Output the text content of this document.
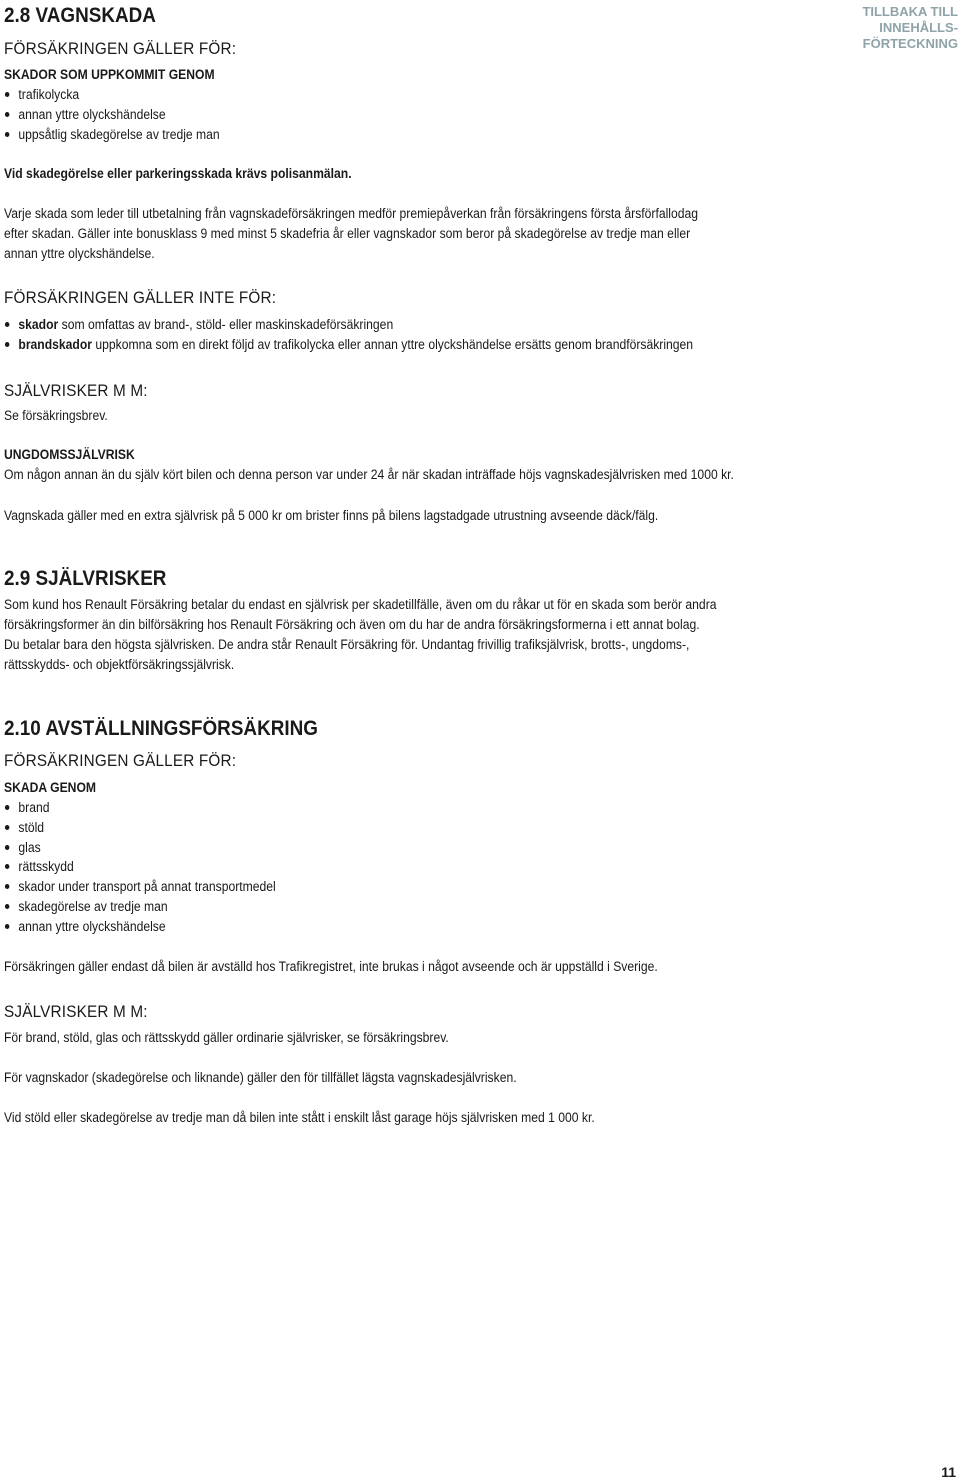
TILLBAKA TILL
INNEHÅLLS-
FÖRTECKNING
2.8 VAGNSKADA
FÖRSÄKRINGEN GÄLLER FÖR:
SKADOR SOM UPPKOMMIT GENOM
trafikolycka
annan yttre olyckshändelse
uppsåtlig skadegörelse av tredje man

Vid skadegörelse eller parkeringsskada krävs polisanmälan.

Varje skada som leder till utbetalning från vagnskadeförsäkringen medför premiepåverkan från försäkringens första årsförfallodag

efter skadan. Gäller inte bonusklass 9 med minst 5 skadefria år eller vagnskador som beror på skadegörelse av tredje man eller

annan yttre olyckshändelse.

FÖRSÄKRINGEN GÄLLER INTE FÖR:
skador som omfattas av brand-, stöld- eller maskinskadeförsäkringen
brandskador uppkomna som en direkt följd av trafikolycka eller annan yttre olyckshändelse ersätts genom brandförsäkringen
SJÄLVRISKER M M:

Se försäkringsbrev.

UNGDOMSSJÄLVRISK

Om någon annan än du själv kört bilen och denna person var under 24 år när skadan inträffade höjs vagnskadesjälvrisken med 1000 kr.

Vagnskada gäller med en extra självrisk på 5 000 kr om brister finns på bilens lagstadgade utrustning avseende däck/fälg.

2.9 SJÄLVRISKER

Som kund hos Renault Försäkring betalar du endast en självrisk per skadetillfälle, även om du råkar ut för en skada som berör andra

försäkringsformer än din bilförsäkring hos Renault Försäkring och även om du har de andra försäkringsformerna i ett annat bolag.

Du betalar bara den högsta självrisken. De andra står Renault Försäkring för. Undantag frivillig trafiksjälvrisk, brotts-, ungdoms-,

rättsskydds- och objektförsäkringssjälvrisk.

2.10 AVSTÄLLNINGSFÖRSÄKRING
FÖRSÄKRINGEN GÄLLER FÖR:
SKADA GENOM
brand
stöld
glas
rättsskydd
skador under transport på annat transportmedel
skadegörelse av tredje man
annan yttre olyckshändelse

Försäkringen gäller endast då bilen är avställd hos Trafikregistret, inte brukas i något avseende och är uppställd i Sverige.

SJÄLVRISKER M M:

För brand, stöld, glas och rättsskydd gäller ordinarie självrisker, se försäkringsbrev.

För vagnskador (skadegörelse och liknande) gäller den för tillfället lägsta vagnskadesjälvrisken.

Vid stöld eller skadegörelse av tredje man då bilen inte stått i enskilt låst garage höjs självrisken med 1 000 kr.

11
